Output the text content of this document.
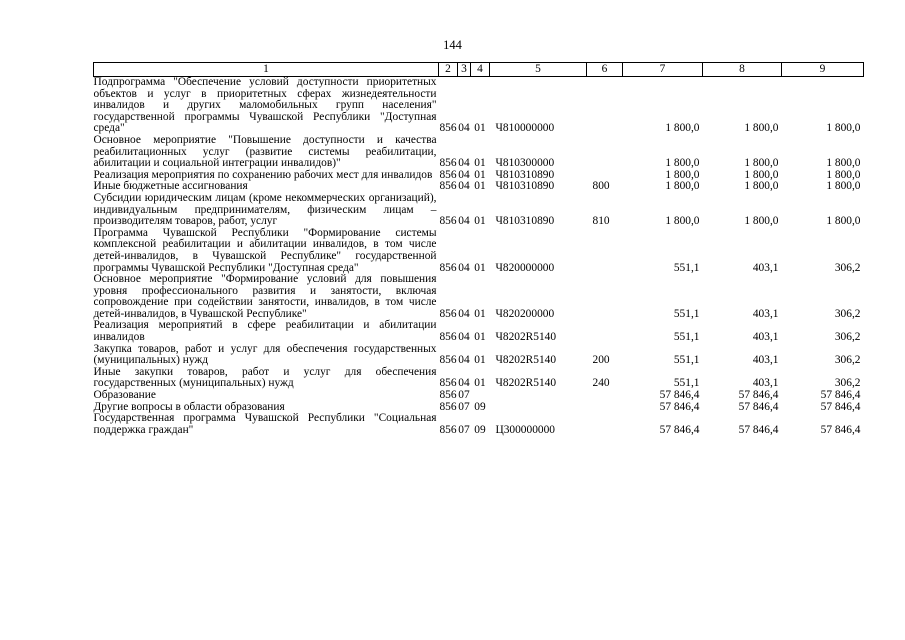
144
1	2	3	4	5	6	7	8	9
Подпрограмма "Обеспечение условий доступности приоритетных объектов и услуг в приоритетных сферах жизнедеятельности инвалидов и других маломобильных групп населения" государственной программы Чувашской Республики "Доступная среда"	856	04	01	Ч810000000		1 800,0	1 800,0	1 800,0
Основное мероприятие "Повышение доступности и качества реабилитационных услуг (развитие системы реабилитации, абилитации и социальной интеграции инвалидов)"	856	04	01	Ч810300000		1 800,0	1 800,0	1 800,0
Реализация мероприятия по сохранению рабочих мест для инвалидов	856	04	01	Ч810310890		1 800,0	1 800,0	1 800,0
Иные бюджетные ассигнования	856	04	01	Ч810310890	800	1 800,0	1 800,0	1 800,0
Субсидии юридическим лицам (кроме некоммерческих организаций), индивидуальным предпринимателям, физическим лицам – производителям товаров, работ, услуг	856	04	01	Ч810310890	810	1 800,0	1 800,0	1 800,0
Программа Чувашской Республики "Формирование системы комплексной реабилитации и абилитации инвалидов, в том числе детей-инвалидов, в Чувашской Республике" государственной программы Чувашской Республики "Доступная среда"	856	04	01	Ч820000000		551,1	403,1	306,2
Основное мероприятие "Формирование условий для повышения уровня профессионального развития и занятости, включая сопровождение при содействии занятости, инвалидов, в том числе детей-инвалидов, в Чувашской Республике"	856	04	01	Ч820200000		551,1	403,1	306,2
Реализация мероприятий в сфере реабилитации и абилитации инвалидов	856	04	01	Ч8202R5140		551,1	403,1	306,2
Закупка товаров, работ и услуг для обеспечения государственных (муниципальных) нужд	856	04	01	Ч8202R5140	200	551,1	403,1	306,2
Иные закупки товаров, работ и услуг для обеспечения государственных (муниципальных) нужд	856	04	01	Ч8202R5140	240	551,1	403,1	306,2
Образование	856	07				57 846,4	57 846,4	57 846,4
Другие вопросы в области образования	856	07	09			57 846,4	57 846,4	57 846,4
Государственная программа Чувашской Республики "Социальная поддержка граждан"	856	07	09	Ц300000000		57 846,4	57 846,4	57 846,4
